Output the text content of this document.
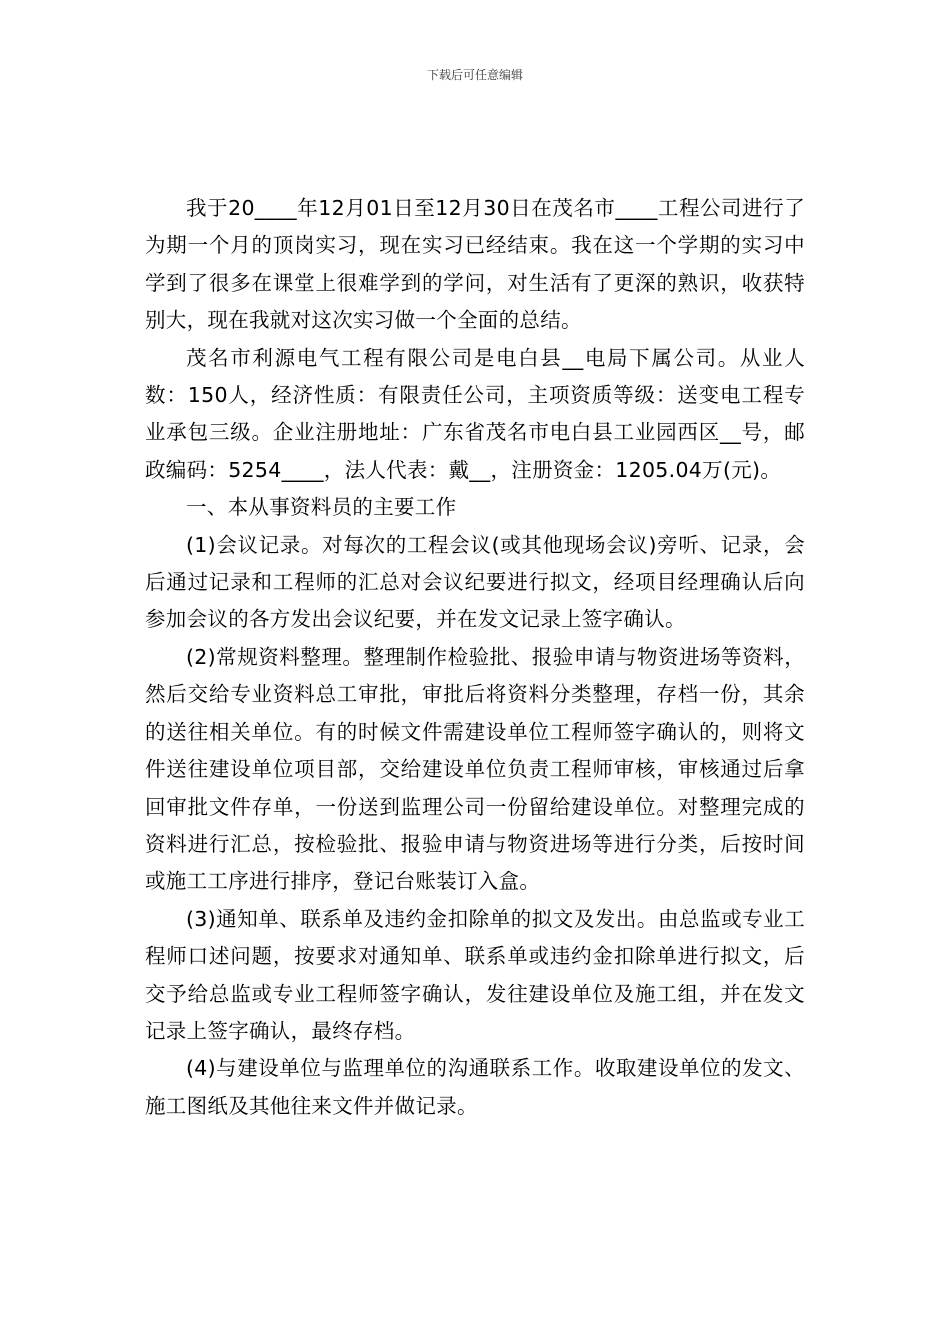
下载后可任意编辑

我于20____年12月01日至12月30日在茂名市____工程公司进行了为期一个月的顶岗实习，现在实习已经结束。我在这一个学期的实习中学到了很多在课堂上很难学到的学问，对生活有了更深的熟识，收获特别大，现在我就对这次实习做一个全面的总结。

茂名市利源电气工程有限公司是电白县__电局下属公司。从业人数：150人，经济性质：有限责任公司，主项资质等级：送变电工程专业承包三级。企业注册地址：广东省茂名市电白县工业园西区__号，邮政编码：5254____，法人代表：戴__，注册资金：1205.04万(元)。

一、本从事资料员的主要工作

(1)会议记录。对每次的工程会议(或其他现场会议)旁听、记录，会后通过记录和工程师的汇总对会议纪要进行拟文，经项目经理确认后向参加会议的各方发出会议纪要，并在发文记录上签字确认。

(2)常规资料整理。整理制作检验批、报验申请与物资进场等资料，然后交给专业资料总工审批，审批后将资料分类整理，存档一份，其余的送往相关单位。有的时候文件需建设单位工程师签字确认的，则将文件送往建设单位项目部，交给建设单位负责工程师审核，审核通过后拿回审批文件存单，一份送到监理公司一份留给建设单位。对整理完成的资料进行汇总，按检验批、报验申请与物资进场等进行分类，后按时间或施工工序进行排序，登记台账装订入盒。

(3)通知单、联系单及违约金扣除单的拟文及发出。由总监或专业工程师口述问题，按要求对通知单、联系单或违约金扣除单进行拟文，后交予给总监或专业工程师签字确认，发往建设单位及施工组，并在发文记录上签字确认，最终存档。

(4)与建设单位与监理单位的沟通联系工作。收取建设单位的发文、施工图纸及其他往来文件并做记录。
